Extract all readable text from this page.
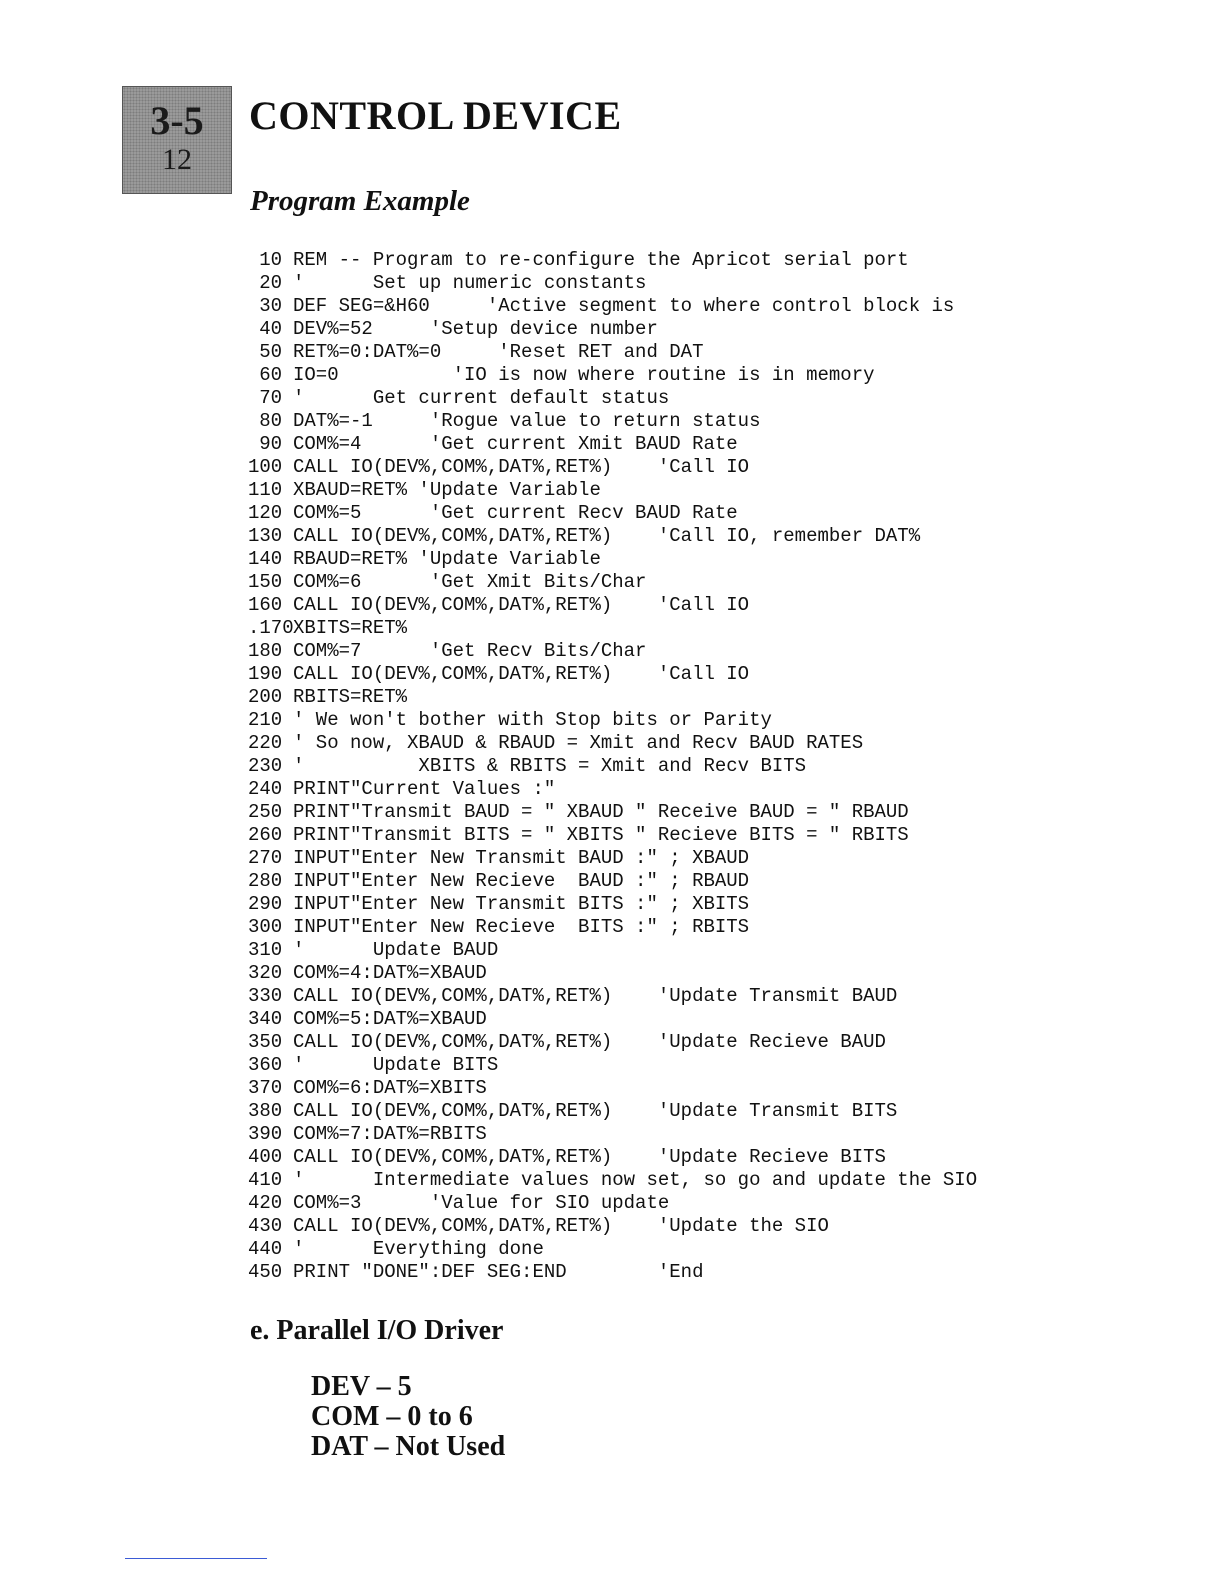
3-5
12
CONTROL DEVICE
Program Example
10 REM -- Program to re-configure the Apricot serial port
20 '      Set up numeric constants
30 DEF SEG=&H60     'Active segment to where control block is
40 DEV%=52     'Setup device number
50 RET%=0:DAT%=0     'Reset RET and DAT
60 IO=0          'IO is now where routine is in memory
70 '      Get current default status
80 DAT%=-1     'Rogue value to return status
90 COM%=4      'Get current Xmit BAUD Rate
100 CALL IO(DEV%,COM%,DAT%,RET%)    'Call IO
110 XBAUD=RET% 'Update Variable
120 COM%=5      'Get current Recv BAUD Rate
130 CALL IO(DEV%,COM%,DAT%,RET%)    'Call IO, remember DAT%
140 RBAUD=RET% 'Update Variable
150 COM%=6      'Get Xmit Bits/Char
160 CALL IO(DEV%,COM%,DAT%,RET%)    'Call IO
.170XBITS=RET%
180 COM%=7      'Get Recv Bits/Char
190 CALL IO(DEV%,COM%,DAT%,RET%)    'Call IO
200 RBITS=RET%
210 ' We won't bother with Stop bits or Parity
220 ' So now, XBAUD & RBAUD = Xmit and Recv BAUD RATES
230 '          XBITS & RBITS = Xmit and Recv BITS
240 PRINT"Current Values :"
250 PRINT"Transmit BAUD = " XBAUD " Receive BAUD = " RBAUD
260 PRINT"Transmit BITS = " XBITS " Recieve BITS = " RBITS
270 INPUT"Enter New Transmit BAUD :" ; XBAUD
280 INPUT"Enter New Recieve  BAUD :" ; RBAUD
290 INPUT"Enter New Transmit BITS :" ; XBITS
300 INPUT"Enter New Recieve  BITS :" ; RBITS
310 '      Update BAUD
320 COM%=4:DAT%=XBAUD
330 CALL IO(DEV%,COM%,DAT%,RET%)    'Update Transmit BAUD
340 COM%=5:DAT%=XBAUD
350 CALL IO(DEV%,COM%,DAT%,RET%)    'Update Recieve BAUD
360 '      Update BITS
370 COM%=6:DAT%=XBITS
380 CALL IO(DEV%,COM%,DAT%,RET%)    'Update Transmit BITS
390 COM%=7:DAT%=RBITS
400 CALL IO(DEV%,COM%,DAT%,RET%)    'Update Recieve BITS
410 '      Intermediate values now set, so go and update the SIO
420 COM%=3      'Value for SIO update
430 CALL IO(DEV%,COM%,DAT%,RET%)    'Update the SIO
440 '      Everything done
450 PRINT "DONE":DEF SEG:END        'End
e. Parallel I/O Driver
DEV – 5
COM – 0 to 6
DAT – Not Used
